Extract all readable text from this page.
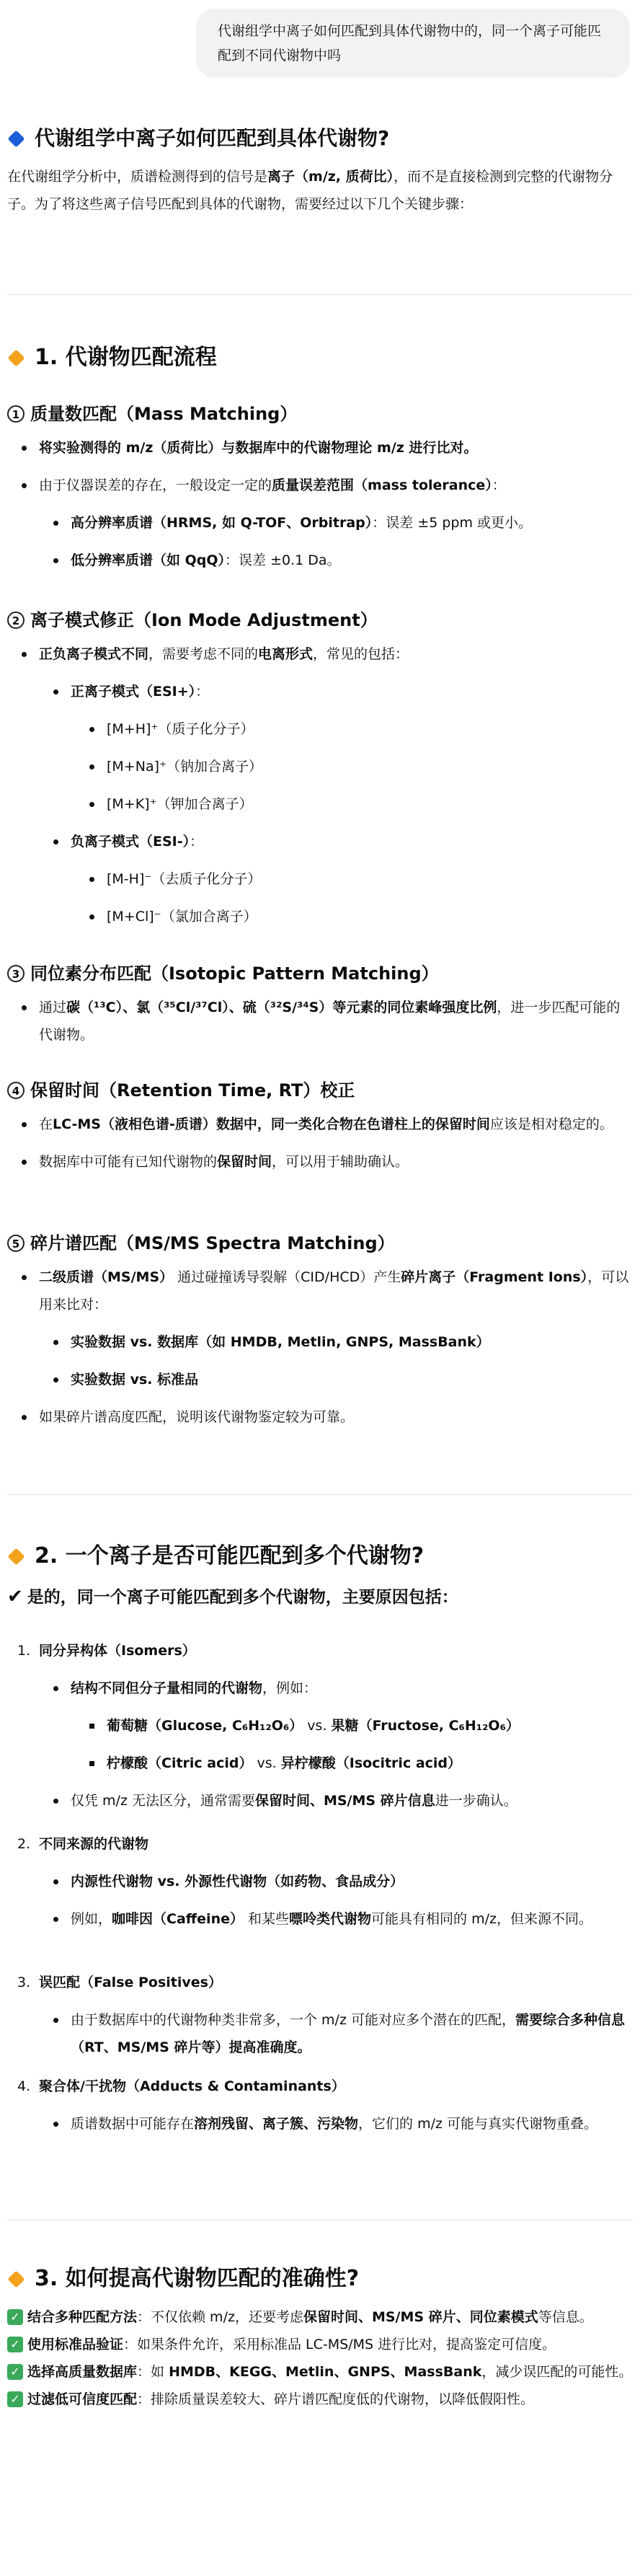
代谢组学中离子如何匹配到具体代谢物中的，同一个离子可能匹配到不同代谢物中吗
代谢组学中离子如何匹配到具体代谢物?

在代谢组学分析中，质谱检测得到的信号是离子（m/z, 质荷比），而不是直接检测到完整的代谢物分子。为了将这些离子信号匹配到具体的代谢物，需要经过以下几个关键步骤：

1. 代谢物匹配流程
1 质量数匹配（Mass Matching）
将实验测得的 m/z（质荷比）与数据库中的代谢物理论 m/z 进行比对。
由于仪器误差的存在，一般设定一定的质量误差范围（mass tolerance）：
高分辨率质谱（HRMS, 如 Q-TOF、Orbitrap）：误差 ±5 ppm 或更小。
低分辨率质谱（如 QqQ）：误差 ±0.1 Da。
2 离子模式修正（Ion Mode Adjustment）
正负离子模式不同，需要考虑不同的电离形式，常见的包括：
正离子模式（ESI+）：
[M+H]⁺（质子化分子）
[M+Na]⁺（钠加合离子）
[M+K]⁺（钾加合离子）
负离子模式（ESI-）：
[M-H]⁻（去质子化分子）
[M+Cl]⁻（氯加合离子）
3 同位素分布匹配（Isotopic Pattern Matching）
通过碳（¹³C）、氯（³⁵Cl/³⁷Cl）、硫（³²S/³⁴S）等元素的同位素峰强度比例，进一步匹配可能的代谢物。
4 保留时间（Retention Time, RT）校正
在LC-MS（液相色谱-质谱）数据中，同一类化合物在色谱柱上的保留时间应该是相对稳定的。
数据库中可能有已知代谢物的保留时间，可以用于辅助确认。
5 碎片谱匹配（MS/MS Spectra Matching）
二级质谱（MS/MS） 通过碰撞诱导裂解（CID/HCD）产生碎片离子（Fragment Ions），可以用来比对：
实验数据 vs. 数据库（如 HMDB, Metlin, GNPS, MassBank）
实验数据 vs. 标准品
如果碎片谱高度匹配，说明该代谢物鉴定较为可靠。
2. 一个离子是否可能匹配到多个代谢物?
✔ 是的，同一个离子可能匹配到多个代谢物，主要原因包括：
1. 同分异构体（Isomers）
结构不同但分子量相同的代谢物，例如：
葡萄糖（Glucose, C₆H₁₂O₆） vs. 果糖（Fructose, C₆H₁₂O₆）
柠檬酸（Citric acid） vs. 异柠檬酸（Isocitric acid）
仅凭 m/z 无法区分，通常需要保留时间、MS/MS 碎片信息进一步确认。
2. 不同来源的代谢物
内源性代谢物 vs. 外源性代谢物（如药物、食品成分）
例如，咖啡因（Caffeine） 和某些嘌呤类代谢物可能具有相同的 m/z，但来源不同。
3. 误匹配（False Positives）
由于数据库中的代谢物种类非常多，一个 m/z 可能对应多个潜在的匹配，需要综合多种信息（RT、MS/MS 碎片等）提高准确度。
4. 聚合体/干扰物（Adducts & Contaminants）
质谱数据中可能存在溶剂残留、离子簇、污染物，它们的 m/z 可能与真实代谢物重叠。
3. 如何提高代谢物匹配的准确性?
✓ 结合多种匹配方法：不仅依赖 m/z，还要考虑保留时间、MS/MS 碎片、同位素模式等信息。
✓ 使用标准品验证：如果条件允许，采用标准品 LC-MS/MS 进行比对，提高鉴定可信度。
✓ 选择高质量数据库：如 HMDB、KEGG、Metlin、GNPS、MassBank，减少误匹配的可能性。
✓ 过滤低可信度匹配：排除质量误差较大、碎片谱匹配度低的代谢物，以降低假阳性。
